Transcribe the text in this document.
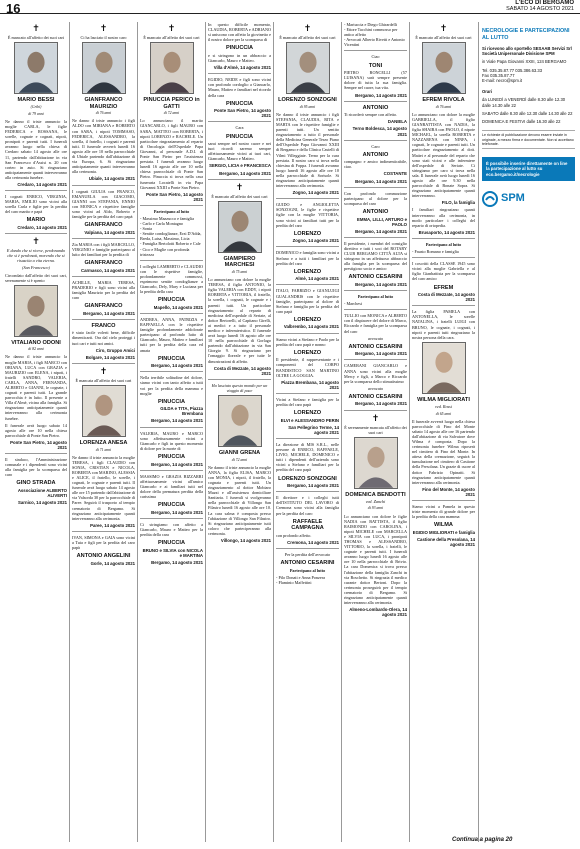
16	L'ECO DI BERGAMO
SABATO 14 AGOSTO 2021
✝
È mancato all'affetto dei suoi cari
MARIO BESSI
(Gribi)
di 79 anni
Ne danno il triste annuncio la moglie CARLA, le figlie FEDERICA e ROSSANA, le sorelle, cognate e cognati, nipoti, pronipoti e parenti tutti. I funerali avranno luogo nella chiesa di Credaro sabato 14 agosto alle ore 11, partendo dall'abitazione in via San Francesco d'Assisi n. 20 con corteo in auto. Si ringraziano anticipatamente quanti interverranno alla cerimonia funebre.
Credaro, 14 agosto 2021
I cognati ENRICO, VIRGINIA, MARIA, EMILIO sono vicini alla sorella Carla e figlie per la perdita del caro marito e papà
MARIO
Credaro, 14 agosto 2021
✝
E dando che si riceve, perdonando che si è perdonati, morendo che si risuscita a vita eterna.
(San Francesco)
Circondato dall'affetto dei suoi cari, serenamente si è spento
VITALIANO ODONI
di 82 anni
Ne danno il triste annuncio la moglie MARIA, i figli MARCO con ORIANA, LUCA con GRAZIA e MAURIZIO con ELENA, i nipoti, i fratelli SANDRO, VALERIA, CARLA, ANNA, FERNANDA, ALBERTO e GIANNI, le cognate, i cognati e parenti tutti. La grande parrocchia è in lutto. Il presente a Villa d'Almè, vicina alla famiglia. Si ringraziano anticipatamente quanti interverranno alla cerimonia funebre.
Il funerale avrà luogo sabato 14 agosto alle ore 10 nella chiesa parrocchiale di Ponte San Pietro.
Ponte San Pietro, 14 agosto 2021
Il sindaco, l'Amministrazione comunale e i dipendenti sono vicini alla famiglia per la scomparsa del caro
GINO STRADA
Associazione ALBERTO ALIVERTI
Sarnico, 14 agosto 2021
✝
Ci ha lasciato il nostro caro
GIANFRANCO MAURIZIO
di 76 anni
Ne danno il triste annuncio i figli ALDO con MIRIANA e ROBERTO con SARA, i nipoti TOMMASO, FEDERICA, ALESSANDRO, la sorella, il fratello, i cognati e parenti tutti. Il funerale avverrà lunedì 16 agosto alle ore 10 nella parrocchiale di Ubiale partendo dall'abitazione di via Europa, 6. Si ringraziano anticipatamente quanti interverranno alla cerimonia.
Ubiale, 14 agosto 2021
I cognati GIULIA con FRANCO, EMANUELA con GIACOMO, GIANNI con STEFANIA, ENNIO con MONICA e rispettive famiglie sono vicini ad Aldo, Roberto e famiglie per la perdita del caro papà
GIANFRANCO
Valpiana, 14 agosto 2021
Zia MARIA con i figli MARCELLO, VIRGINIO e famiglie partecipano al lutto dei familiari per la perdita di
GIANFRANCO
Carmasco, 14 agosto 2021
ACHILLE, MARIA TERESA, PRADERIO e figli sono vicini alla famiglia Maurizio per la perdita del caro
GIANFRANCO
Bergamo, 14 agosto 2021
FRANCO
è stato facile volerti bene, difficile dimenticarti. Ora dal cielo proteggi i tuoi cari e tutti noi amici.
Ciro, Gruppo Amici
Bolgare, 14 agosto 2021
✝
È mancata all'affetto dei suoi cari
LORENZA ANESA
di 71 anni
Ne danno il triste annuncio la moglie TERESA, i figli CLAUDIO con SONIA, CRISTIAN e NICOLA, ROBERTA con MARINO, ALESSIA e ALICE, il fratello, le sorelle, i cognati, le cognate e parenti tutti. Il funerale avrà luogo sabato 14 agosto alle ore 15 partendo dall'abitazione di via Valsorda 30 per la parrocchiale di Paree. Seguirà il trasporto al tempio crematorio di Bergamo. Si ringraziano anticipatamente quanti interverranno alla cerimonia.
Paree, 14 agosto 2021
IVAN, SIMONA e GAIA sono vicini a Tuia e figli per la perdita del caro papà
ANTONIO ANGELINI
Gorle, 14 agosto 2021
✝
È mancato all'affetto dei suoi cari
PINUCCIA PERICO in GATTI
di 72 anni
Lo annunciano il marito GIANCARLO, i figli MAURO con SARA, MATTEO con ROBERTA, i nipoti LORENZO e RACHELE. Un particolare ringraziamento al reparto di Oncologia dell'Ospedale Papa Giovanni, al personale A.D.I. di Ponte San Pietro per l'assistenza prestata. I funerali avranno luogo lunedì 16 agosto alle ore 10 nella chiesa parrocchiale di Ponte San Pietro. Pinuccia si trova nella casa funeraria Locatelli in via Papa Giovanni XXIII a Ponte San Pietro.
Ponte San Pietro, 14 agosto 2021
Partecipano al lutto
- Massimo Mazzucco e famiglia
- Carlo e Carla Montagno
- Sonia
- Sentite condoglianze, Erzi D'Adda, Breda, Luisa, Massimo, Licia
- Famiglia Bertolotti Roberto e Cale
- Cico e Maglie con profonda tristezza
I colleghi LAMBERTO e CLAUDIO con le rispettive famiglie, profondamente commossi, esprimono sentite condoglianze a Giancarlo, Dely, Mary e Luciana per la perdita della cara
PINUCCIA
Mapello, 14 agosto 2021
ANDREA, ANNA, PATRIZIA e RAFFAELLA con le rispettive famiglie profondamente addolorate partecipano al profondo lutto di Giancarlo, Mauro, Matteo e familiari tutti per la perdita della cara ed amata
PINUCCIA
Bergamo, 14 agosto 2021
Nella terribile solitudine del dolore, siamo vicini con tanto affetto a tutti voi per la perdita della mamma e moglie
PINUCCIA
GILDA e TITA, Piazza Brembana
Bergamo, 14 agosto 2021
VALERIA, MAURO e MARCO sono affettuosamente vicini a Giancarlo e figli in questo momento di dolore per la morte di
PINUCCIA
Bergamo, 14 agosto 2021
MASSIMO e GRAZIA BIZZARRI affettuosamente vicini all'amico Giancarlo e ai familiari tutti nel dolore della prematura perdita della carissima
PINUCCIA
Bergamo, 14 agosto 2021
Ci stringiamo con affetto a Giancarlo, Mauro e Matteo per la perdita della cara
PINUCCIA
BRUNO e SILVIA con NICOLA e MARTINA
Bergamo, 14 agosto 2021
In questo difficile momento, CLAUDIA, ROBERTA e ADRIANO si uniscono con affetto la giovinetto e il nostro dolore per la scomparsa di
PINUCCIA
e si stringono in un abbraccio a Giancarlo, Mauro e Matteo.
Villa d'Almè, 14 agosto 2021
EGIDIO, NEIDE e figli sono vicini con profondo cordoglio a Giancarlo, Mauro, Matteo e familiari nel ricordo della cara
PINUCCIA
Ponte San Pietro, 14 agosto 2021
Cara
PINUCCIA
sarai sempre nel nostro cuore e nei tuoi ricordi saremo sempre affettuosamente vicini ai tuoi cari, Giancarlo, Mauro e Matteo.
SERGIO, LICIA e FRANCESCA
Bergamo, 14 agosto 2021
✝
È mancato all'affetto dei suoi cari
GIAMPIERO MARCHESI
di 75 anni
Lo annunciano con dolore la moglie TERESA, il figlio ANTONIO, la figlia VALERIA con EDDY, i nipoti ROBERTA e VITTORIA, il fratello, la sorella, i cognati, le cognate e i parenti tutti. Un particolare ringraziamento al reparto di medicina dell'ospedale di Seriate, al dottor Bertorelli, al Capitano Girelli, ai medici e a tutto il personale medico e infermieristico. Il funerale avrà luogo lunedì 16 agosto alle ore 10 nella parrocchiale di Gorlago partendo dall'abitazione in via San Giorgio 9. Si ringraziano per l'omaggio floreale e per tutte le dimostrazioni di affetto.
Costa di Mezzate, 14 agosto 2021
Ha lasciato questo mondo per un viaggio di pace
GIANNI GRENA
di 72 anni
Ne danno il triste annuncio la moglie ANNA, la figlia ELISA, MARCO con MONIA, i nipoti, il fratello, la cognata e parenti tutti. Un ringraziamento al dottor Mobiaro Muzzi e all'assistenza domiciliare Sanitaria. I funerali si svolgeranno nella parrocchiale di Villongo San Filastro lunedì 16 agosto alle ore 10. La cara salma è composta presso l'abitazione di Villongo San Filastro. Si ringraziano anticipatamente tutti coloro che parteciperanno alla cerimonia.
Villongo, 14 agosto 2021
✝
È mancato all'affetto dei suoi cari
LORENZO SONZOGNI
di 95 anni
Ne danno il triste annuncio i figli STEFANIA, CLAUDIA, RITA e MARTA con le rispettive famiglie e parenti tutti. Un sentito ringraziamento a tutto il personale della Medicina Generale Terzo Piano dell'Ospedale Papa Giovanni XXIII di Bergamo e della Clinica Castelli di Vilmi Villeggiate. Terno per la cura prestata. Il nostro caro si trova nella chiesina di Foppa. I funerali avranno luogo lunedì 16 agosto alle ore 10 nella parrocchiale di Sorisole. Si ringraziano anticipatamente quanti interverranno alla cerimonia.
Zogno, 14 agosto 2021
GUIDO e ANGIOLETTA SONZOGNI, le figlie e rispettive figlie con la moglie VITTORIA, sono vicini ai familiari tutti per la perdita del caro
LORENZO
Zogno, 14 agosto 2021
DOMENICO e famiglia sono vicini a Stefano e a tutti i familiari per la perdita del caro
LORENZO
Almè, 14 agosto 2021
ITALO, FABRIZIO e GIANLUIGI GUALANDRIS con le rispettive famiglie, partecipano al dolore di Stefano e famiglia per la perdita del caro papà
LORENZO
Valbrembo, 14 agosto 2021
Siamo vicini a Stefano e Paolo per la perdita del caro papà e nonno
LORENZO
Il presidente, il rappresentante e i componenti del CORPO BANDISTICO SAN MARTINO OLTRE LA GOGGIA.
Piazza Brembana, 14 agosto 2021
Vicini a Stefano e famiglia per la perdita del caro papà
LORENZO
ELVI e ALESSANDRO PERIN
San Pellegrino Terme, 14 agosto 2021
La direzione di MIS S.R.L., nelle persone di ENRICO, RAFFAELE, LIVIO, MICHELE, DOMENICO e tutti i dipendenti dell'azienda sono vicini a Stefano e familiari per la perdita del caro papà
LORENZO SONZOGNI
Bergamo, 14 agosto 2021
Il direttore e i colleghi tutti dell'ISTITUTO DEL LAVORO di Cremona sono vicini alla famiglia per la perdita del caro
RAFFAELE CAMPAGNA
con profondo affetto.
Cremona, 14 agosto 2021
Per la perdita dell'avvocato
ANTONIO CESARINI
Partecipano al lutto
- Pilo Donati e Anna Ponzera
- Flaminio Maffettini
- Mariuccia e Diego Ghirardelli
- Ettore Tacchini commosso per antico affetto
- Avvocati Alberto Rivetti e Antonio Vicentini
Ciao
TONI
PIETRO RONCELLI (57 LUISANA) sarà sempre presente dolore di tutta la sua famiglia. Sempre nel cuore, tua vita.
Bergamo, 14 agosto 2021
ANTONIO
Ti ricorderò sempre con affetto.
DANIELA
Terno Boldesca, 14 agosto 2021
Caro
ANTONIO
compagno e amico indimenticabile, ciao.
COSTANTE
Bergamo, 14 agosto 2021
Con profondo commozione partecipano al dolore per la scomparsa del caro
ANTONIO
EMMA, LILLI, ARTURO e PAOLO
Bergamo, 14 agosto 2021
Il presidente, i membri del consiglio direttivo e tutti i soci del ROTARY CLUB BERGAMO CITTÀ ALTA si stringono in un affettuoso abbraccio alla famiglia per la scomparsa del prestigioso socio e amico
ANTONIO CESARINI
Bergamo, 14 agosto 2021
Partecipano al lutto
- Marchesi
TULLIO con MONICA e ALBERTO con il dispiacere del dolore di Marco, Riccardo e famiglia per la scomparsa del caro
avvocato
ANTONIO CESARINI
Bergamo, 14 agosto 2021
CAMERANI GIANCARLO e ANNA sono vicini alla moglie Mercy e figli, a Marco e Riccardo per la scomparsa dello stimatissimo
avvocato
ANTONIO CESARINI
Bergamo, 14 agosto 2021
✝
È serenamente mancata all'affetto dei suoi cari
DOMENICA BENDOTTI
ved. Zanchi
di 93 anni
Lo annunciano con dolore le figlie NADIA con BATTISTA, il figlio RAIMONDO con CAROLINA, i nipoti MICHELE con MARCELLA e SILVIA con LUCA, i pronipoti THOMAS e ALESSANDRO, VITTORIO, la sorella, i fratelli, le cognate e parenti tutti. I funerali avranno luogo lunedì 16 agosto alle ore 10 nella parrocchiale di Brivio. La cara Domenica si trova presso l'abitazione della famiglia Zanchi in via Boschetto. Si ringrazia il medico curante dottor Bertoni. Dopo la cerimonia proseguirà per il tempio crematorio di Bergamo. Si ringraziano anticipatamente quanti interverranno alla cerimonia.
Almeno-Lombardo-Olera, 14 agosto 2021
✝
È mancato all'affetto dei suoi cari
EFREM RIVOLA
di 76 anni
Lo annunciano con dolore la moglie GABRIELLA, il figlio GIANBATTISTA con NADIA, la figlia SHAIRA con PAOLO, il nipote MICHAEL, la sorella ROBERTA e NAZZARENA con NINFA, i cognati, le cognate e parenti tutti. Un particolare ringraziamento al dott. Mattei e al personale del reparto che sono stati vicini e alle infermiere dell'ospedale di Seriate. Ci stringiamo per caro si trova nella sala. Il funerale avrà luogo lunedì 16 agosto alle ore 9.30 nella parrocchiale di Bonate Sopra. Si ringraziano anticipatamente quanti interverranno.
FILO, la famiglia
I familiari ringraziano quanti interverranno alla cerimonia, in modo particolare i colleghi del reparto di ortopedia.
Brusaporto, 14 agosto 2021
Partecipano al lutto
- Fausto Romano e famiglia
I coscritti della CLASSE 1945 sono vicini alla moglie Gabriella e al figlio Gianbattista per la scomparsa del caro amico
EFREM
Costa di Mezzate, 14 agosto 2021
La figlia PAMELA con ANTONELLA, le sorelle NATALINA, i fratelli LUIGI con BRUNO, le cognate, i cognati, i nipoti e parenti tutti ringraziano la nostra persona della cara.
WILMA MIGLIORATI
ved. Rossi
di 65 anni
Il funerale avverrà luogo nella chiesa parrocchiale di Fino del Monte sabato 14 agosto alle ore 16 partendo dall'abitazione di via Salvatore dove Wilma è composta. Dopo la cerimonia funebre Wilma riposerà nel cimitero di Fino del Monte. In attesa della cremazione, seguirà la tumulazione nel cimitero di Castione della Presolana. Un grazie di cuore al dottor Fabrizio Opinatti. Si ringraziano anticipatamente quanti interverranno alla cerimonia.
Fino del Monte, 14 agosto 2021
Siamo vicini a Pamela in questo triste momento di grande dolore per la perdita della cara mamma
WILMA
EGIDIO MIGLIORATI e famiglia
Castione della Presolana, 14 agosto 2021
NECROLOGIE E PARTECIPAZIONI AL LUTTO
Si ricevono allo sportello SESAAB Servizi Srl Società Unipersonale Divisione SPM
in Viale Papa Giovanni XXIII, 124 BERGAMO
Tel. 035.35.87.77 035.386.63.33
Fax 035.35.87.77
E-mail: necro@spm.it
Orari
da LUNEDÌ a VENERDÌ dalle 8.30 alle 12.30 dalle 14.30 alle 22
SABATO dalle 8.30 alle 12.30 dalle 14.30 alle 22
DOMENICA E FESTIVI dalle 16.30 alle 22
Le richieste di pubblicazione devono essere inviate in originale, a mezzo firma e documentate. Non si accettano telefonate.
È possibile inserire direttamente on line la partecipazione al lutto su eco.bergamo.it/necrologie
SPM
Continua a pagina 20
